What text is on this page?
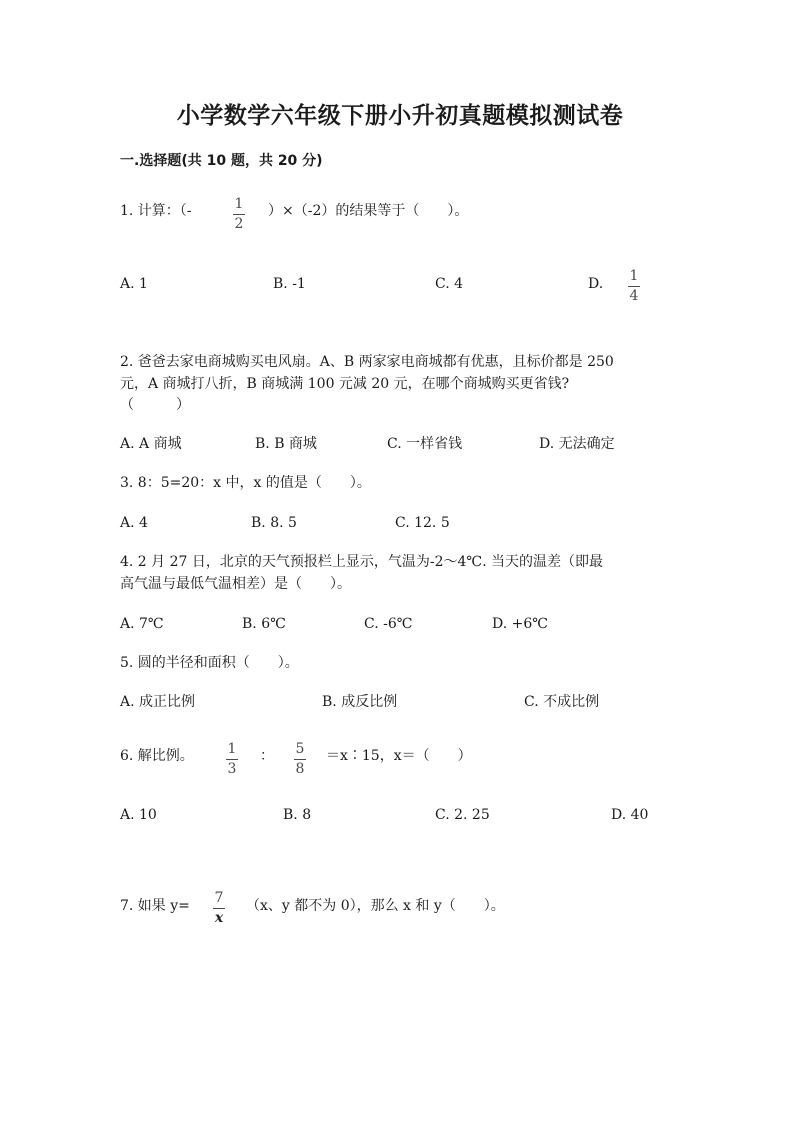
小学数学六年级下册小升初真题模拟测试卷
一.选择题(共 10 题，共 20 分)
1. 计算：（-	1
2
）×（-2）的结果等于（　　）。
A. 1	B. -1	C. 4	D. 1
4
2. 爸爸去家电商城购买电风扇。A、B 两家家电商城都有优惠，且标价都是 250
元，A 商城打八折，B 商城满 100 元减 20 元，在哪个商城购买更省钱?
（　　　）
A. A 商城	B. B 商城	C. 一样省钱	D. 无法确定
3. 8：5=20：x 中，x 的值是（　　）。
A. 4	B. 8. 5	C. 12. 5
4. 2 月 27 日，北京的天气预报栏上显示，气温为-2～4℃. 当天的温差（即最
高气温与最低气温相差）是（　　）。
A. 7℃	B. 6℃	C. -6℃	D. +6℃
5. 圆的半径和面积（　　）。
A. 成正比例	B. 成反比例	C. 不成比例
6. 解比例。 1
3
： 5
8
＝x∶15，x＝（　　）
A. 10	B. 8	C. 2. 25	D. 40
7. 如果 y= 7
x
（x、y 都不为 0），那么 x 和 y（　　）。
